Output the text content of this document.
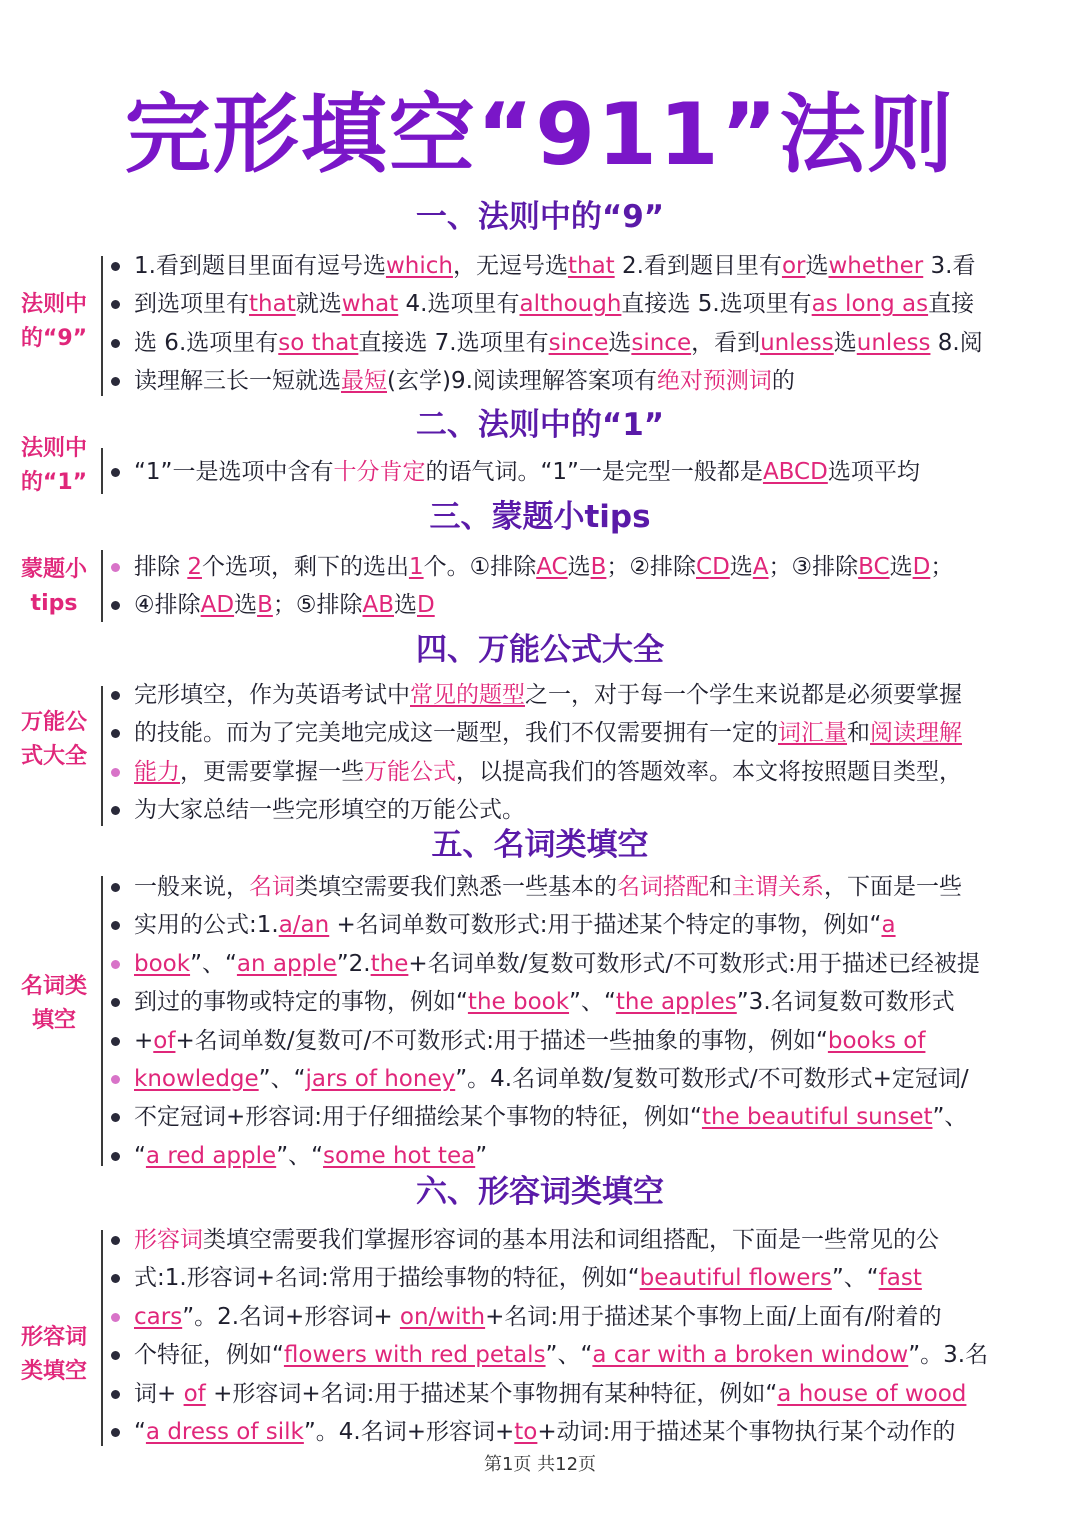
完形填空“911”法则
一、法则中的“9”
法则中
的“9”
1.看到题目里面有逗号选which，无逗号选that 2.看到题目里有or选whether 3.看
到选项里有that就选what 4.选项里有although直接选 5.选项里有as long as直接
选 6.选项里有so that直接选 7.选项里有since选since，看到unless选unless 8.阅
读理解三长一短就选最短(玄学)9.阅读理解答案项有绝对预测词的
二、法则中的“1”
法则中
的“1”	“1”一是选项中含有十分肯定的语气词。“1”一是完型一般都是ABCD选项平均
三、蒙题小tips
蒙题小
tips
排除 2个选项，剩下的选出1个。①排除AC选B；②排除CD选A；③排除BC选D；
④排除AD选B；⑤排除AB选D
四、万能公式大全
万能公
式大全
完形填空，作为英语考试中常见的题型之一，对于每一个学生来说都是必须要掌握
的技能。而为了完美地完成这一题型，我们不仅需要拥有一定的词汇量和阅读理解
能力，更需要掌握一些万能公式，以提高我们的答题效率。本文将按照题目类型，
为大家总结一些完形填空的万能公式。
五、名词类填空
名词类
填空
一般来说，名词类填空需要我们熟悉一些基本的名词搭配和主谓关系，下面是一些
实用的公式:1.a/an +名词单数可数形式:用于描述某个特定的事物，例如“a
book”、“an apple”2.the+名词单数/复数可数形式/不可数形式:用于描述已经被提
到过的事物或特定的事物，例如“the book”、“the apples”3.名词复数可数形式
+of+名词单数/复数可/不可数形式:用于描述一些抽象的事物，例如“books of
knowledge”、“jars of honey”。4.名词单数/复数可数形式/不可数形式+定冠词/
不定冠词+形容词:用于仔细描绘某个事物的特征，例如“the beautiful sunset”、
“a red apple”、“some hot tea”
六、形容词类填空
形容词
类填空
形容词类填空需要我们掌握形容词的基本用法和词组搭配，下面是一些常见的公
式:1.形容词+名词:常用于描绘事物的特征，例如“beautiful flowers”、“fast
cars”。2.名词+形容词+ on/with+名词:用于描述某个事物上面/上面有/附着的
个特征，例如“flowers with red petals”、“a car with a broken window”。3.名
词+ of +形容词+名词:用于描述某个事物拥有某种特征，例如“a house of wood
“a dress of silk”。4.名词+形容词+to+动词:用于描述某个事物执行某个动作的
第1页 共12页
